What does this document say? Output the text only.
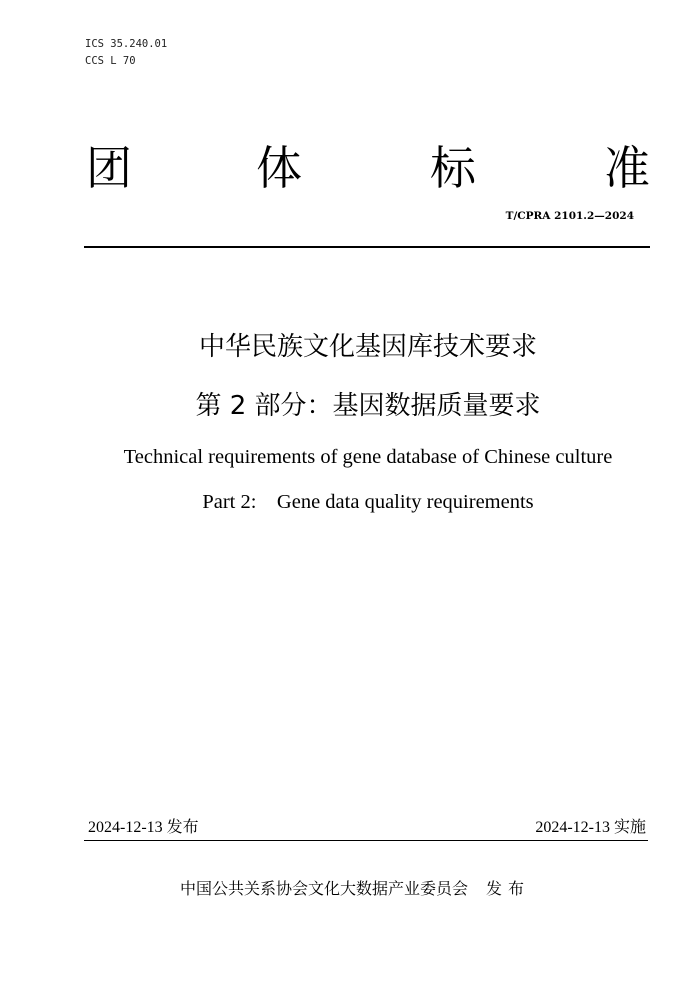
ICS 35.240.01
CCS L 70
团	体	标	准
T/CPRA 2101.2—2024
中华民族文化基因库技术要求
第 2 部分：基因数据质量要求
Technical requirements of gene database of Chinese culture
Part 2:    Gene data quality requirements
2024-12-13 发布	2024-12-13 实施
中国公共关系协会文化大数据产业委员会 发布
